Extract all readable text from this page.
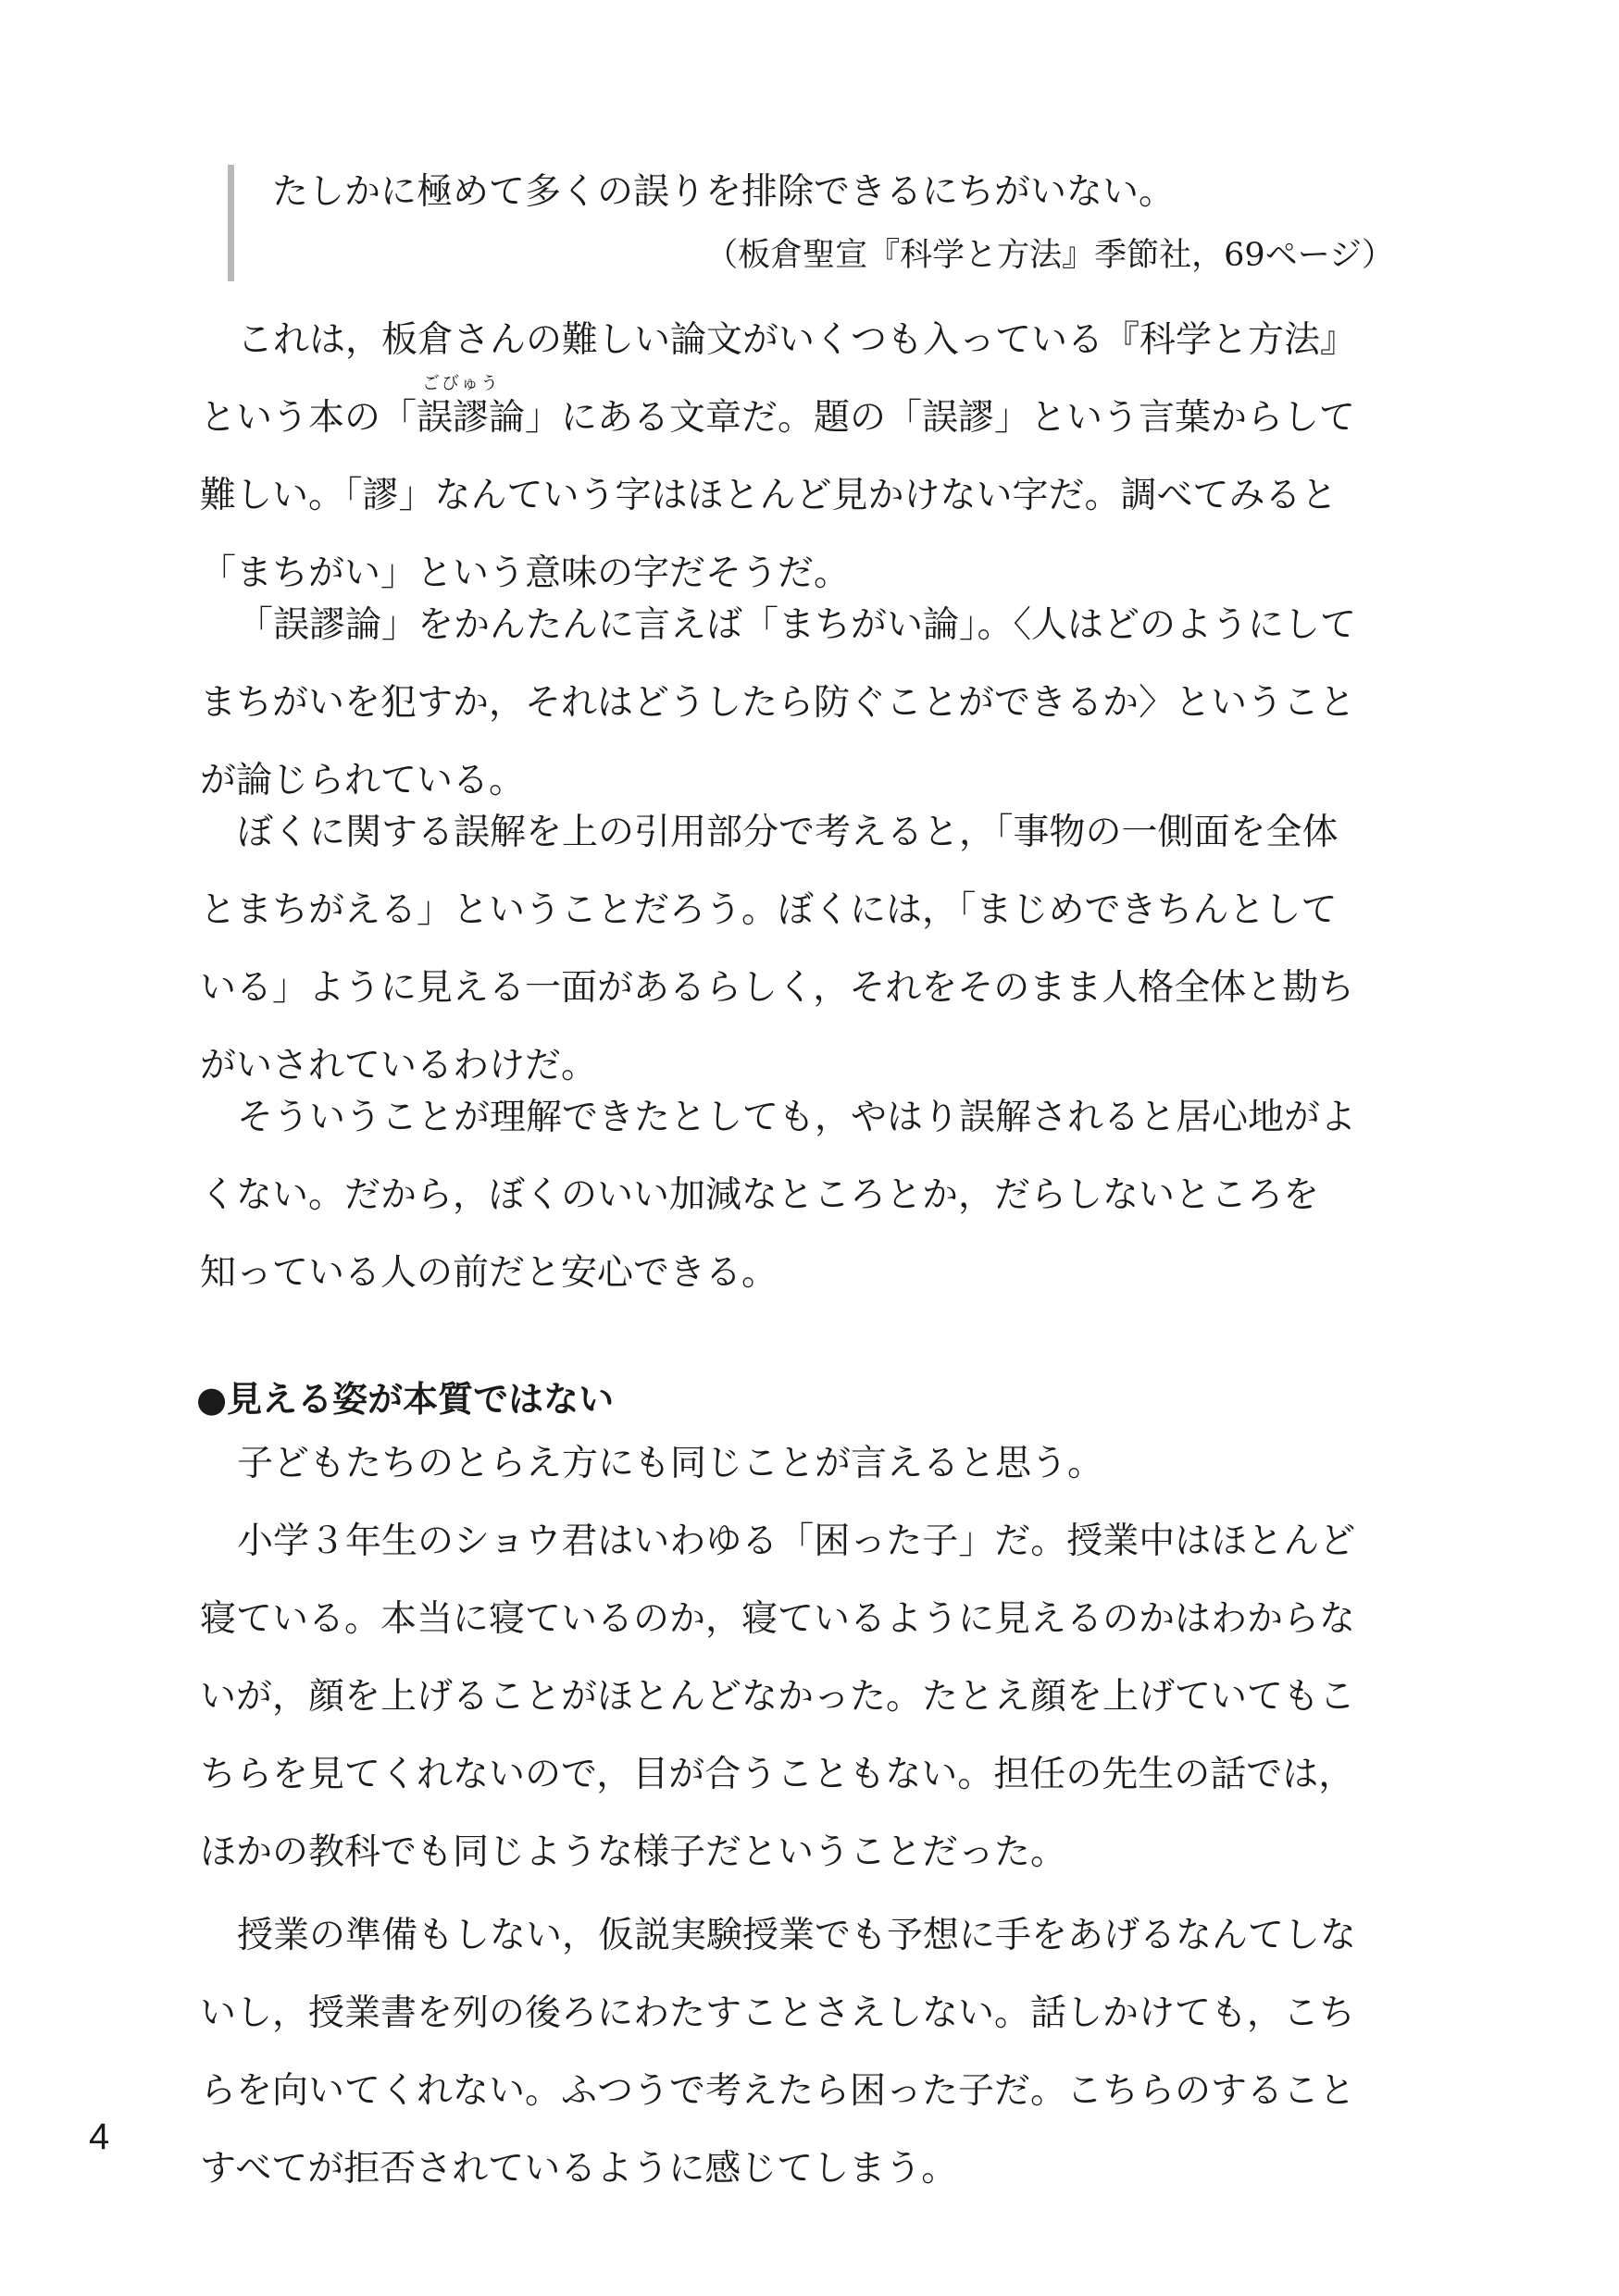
たしかに極めて多くの誤りを排除できるにちがいない。
（板倉聖宣『科学と方法』季節社，69ページ）
これは，板倉さんの難しい論文がいくつも入っている『科学と方法』
ごびゅう
という本の「誤謬論」にある文章だ。題の「誤謬」という言葉からして
難しい。「謬」なんていう字はほとんど見かけない字だ。調べてみると
「まちがい」という意味の字だそうだ。
「誤謬論」をかんたんに言えば「まちがい論」。〈人はどのようにして
まちがいを犯すか，それはどうしたら防ぐことができるか〉ということ
が論じられている。
ぼくに関する誤解を上の引用部分で考えると，「事物の一側面を全体
とまちがえる」ということだろう。ぼくには，「まじめできちんとして
いる」ように見える一面があるらしく，それをそのまま人格全体と勘ち
がいされているわけだ。
そういうことが理解できたとしても，やはり誤解されると居心地がよ
くない。だから，ぼくのいい加減なところとか，だらしないところを
知っている人の前だと安心できる。
●見える姿が本質ではない
子どもたちのとらえ方にも同じことが言えると思う。
小学３年生のショウ君はいわゆる「困った子」だ。授業中はほとんど
寝ている。本当に寝ているのか，寝ているように見えるのかはわからな
いが，顔を上げることがほとんどなかった。たとえ顔を上げていてもこ
ちらを見てくれないので，目が合うこともない。担任の先生の話では，
ほかの教科でも同じような様子だということだった。
授業の準備もしない，仮説実験授業でも予想に手をあげるなんてしな
いし，授業書を列の後ろにわたすことさえしない。話しかけても，こち
らを向いてくれない。ふつうで考えたら困った子だ。こちらのすること
すべてが拒否されているように感じてしまう。
4
